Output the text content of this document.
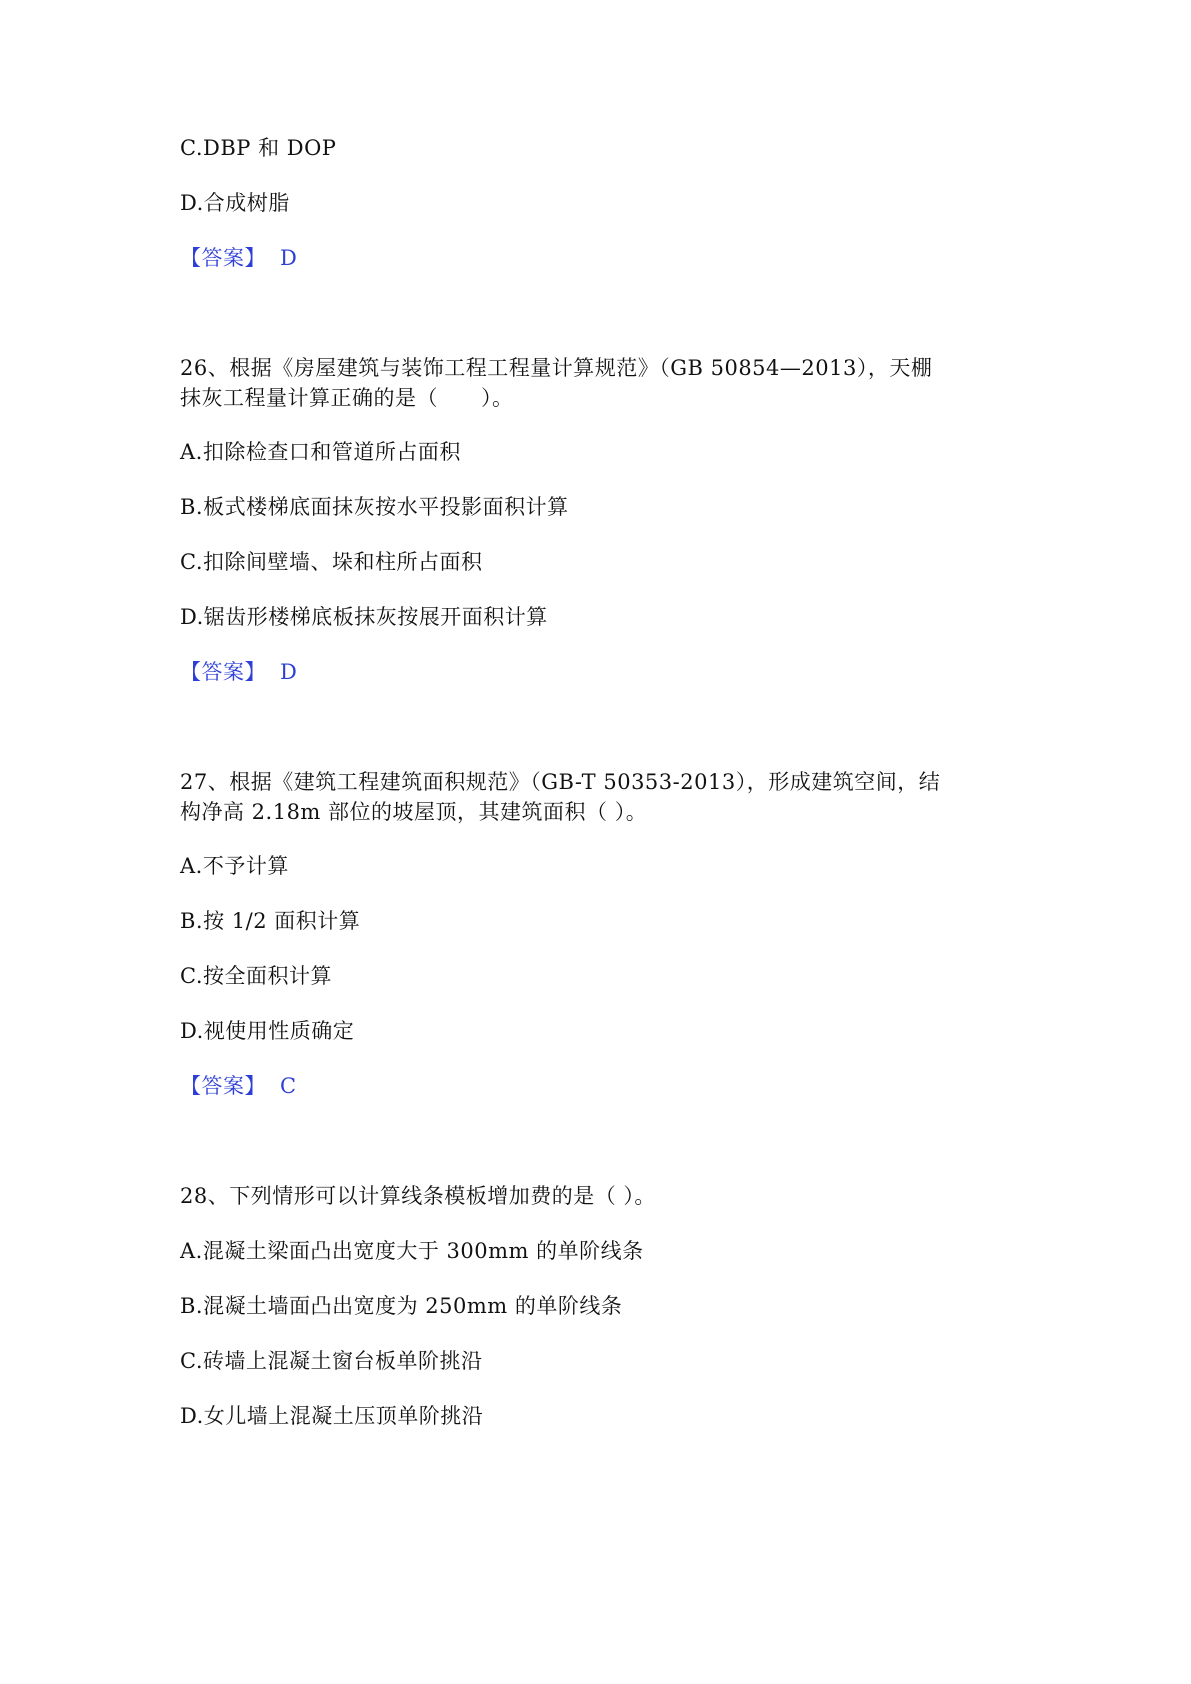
C.DBP 和 DOP
D.合成树脂
【答案】 D
26、根据《房屋建筑与装饰工程工程量计算规范》（GB 50854—2013），天棚
抹灰工程量计算正确的是（　　）。
A.扣除检查口和管道所占面积
B.板式楼梯底面抹灰按水平投影面积计算
C.扣除间壁墙、垛和柱所占面积
D.锯齿形楼梯底板抹灰按展开面积计算
【答案】 D
27、根据《建筑工程建筑面积规范》（GB-T 50353-2013），形成建筑空间，结
构净高 2.18m 部位的坡屋顶，其建筑面积（ ）。
A.不予计算
B.按 1/2 面积计算
C.按全面积计算
D.视使用性质确定
【答案】 C
28、下列情形可以计算线条模板增加费的是（ ）。
A.混凝土梁面凸出宽度大于 300mm 的单阶线条
B.混凝土墙面凸出宽度为 250mm 的单阶线条
C.砖墙上混凝土窗台板单阶挑沿
D.女儿墙上混凝土压顶单阶挑沿
